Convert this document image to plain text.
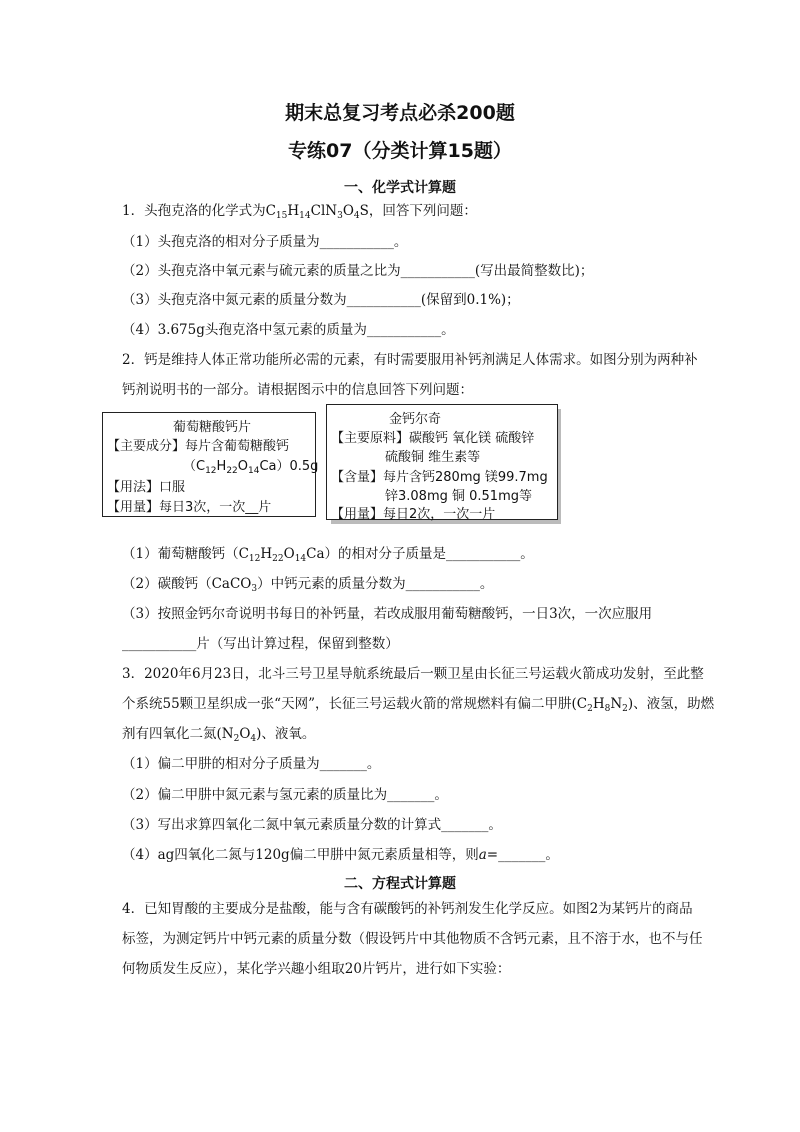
期末总复习考点必杀200题
专练07（分类计算15题）
一、化学式计算题
1．头孢克洛的化学式为$C_{15}H_{14}ClN_3O_4S$，回答下列问题：
（1）头孢克洛的相对分子质量为___________。
（2）头孢克洛中氧元素与硫元素的质量之比为___________(写出最简整数比)；
（3）头孢克洛中氮元素的质量分数为___________(保留到0.1%)；
（4）3.675g头孢克洛中氢元素的质量为___________。
2．钙是维持人体正常功能所必需的元素，有时需要服用补钙剂满足人体需求。如图分别为两种补
钙剂说明书的一部分。请根据图示中的信息回答下列问题：
葡萄糖酸钙片
【主要成分】每片含葡萄糖酸钙
$(C_{12}H_{22}O_{14}Ca)0.5g$
【用法】口服
【用量】每日3次，一次__片
金钙尔奇
【主要原料】碳酸钙 氧化镁 硫酸锌
硫酸铜 维生素等
【含量】每片含钙280mg 镁99.7mg
锌3.08mg 铜 0.51mg等
【用量】每日2次，一次一片
（1）葡萄糖酸钙$(C_{12}H_{22}O_{14}Ca)$的相对分子质量是___________。
（2）碳酸钙（CaCO$_3$）中钙元素的质量分数为___________。
（3）按照金钙尔奇说明书每日的补钙量，若改成服用葡萄糖酸钙，一日3次，一次应服用
___________片（写出计算过程，保留到整数）
3．2020年6月23日，北斗三号卫星导航系统最后一颗卫星由长征三号运载火箭成功发射，至此整
个系统55颗卫星织成一张“天网”，长征三号运载火箭的常规燃料有偏二甲肼$(C_2H_8N_2)$、液氢，助燃
剂有四氧化二氮$(N_2O_4)$、液氧。
（1）偏二甲肼的相对分子质量为_______。
（2）偏二甲肼中氮元素与氢元素的质量比为_______。
（3）写出求算四氧化二氮中氧元素质量分数的计算式_______。
（4）ag四氧化二氮与120g偏二甲肼中氮元素质量相等，则a=_______。
二、方程式计算题
4．已知胃酸的主要成分是盐酸，能与含有碳酸钙的补钙剂发生化学反应。如图2为某钙片的商品
标签，为测定钙片中钙元素的质量分数（假设钙片中其他物质不含钙元素，且不溶于水，也不与任
何物质发生反应），某化学兴趣小组取20片钙片，进行如下实验：
